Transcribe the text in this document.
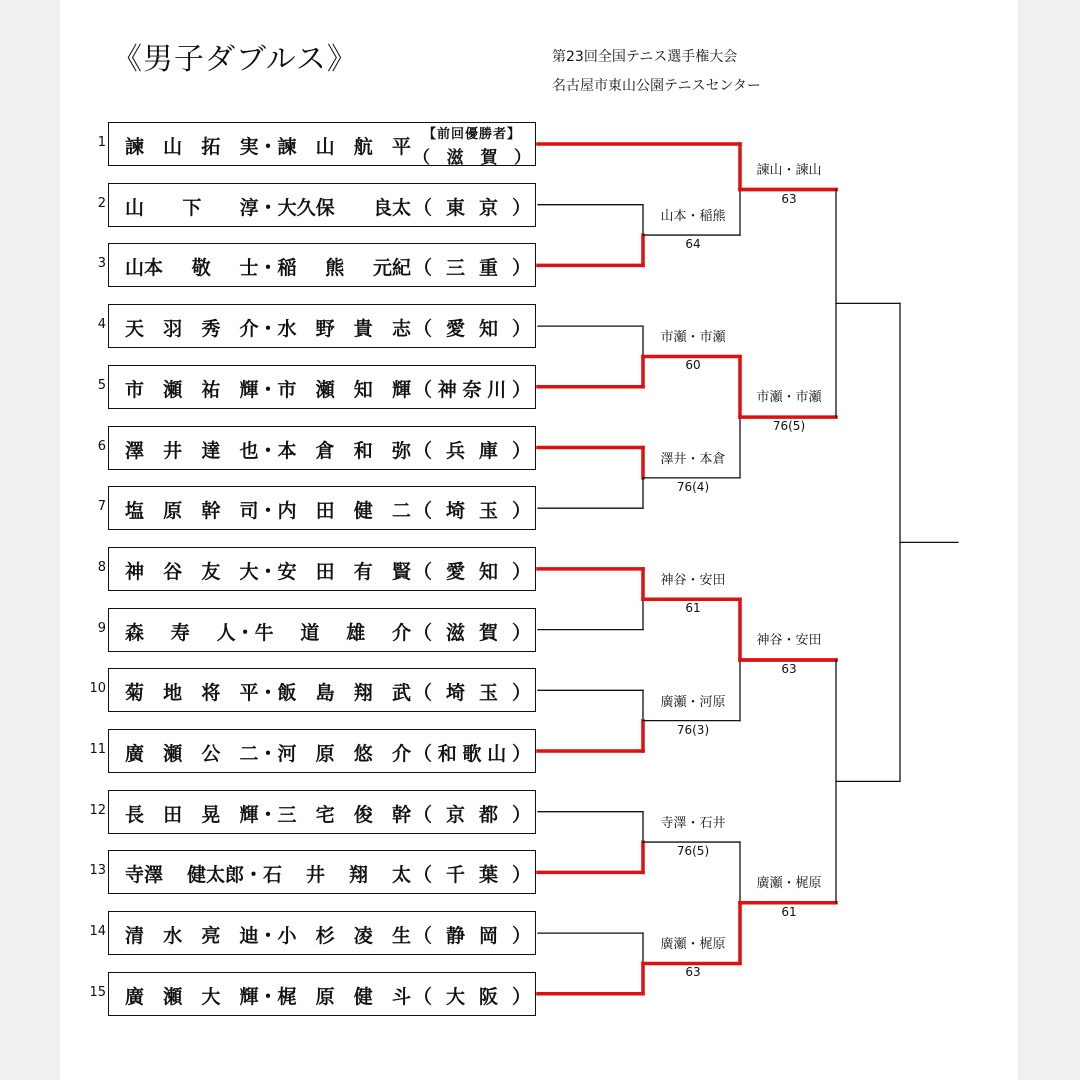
《男子ダブルス》	第23回全国テニス選手権大会
名古屋市東山公園テニスセンター
1 諫 山 拓 実・諫 山 航 平
【前回優勝者】
（ 滋 賀 ）
2 山 下 淳・大久保 良太 （ 東 京 ）
3 山本 敬 士・稲 熊 元紀 （ 三 重 ）
4 天 羽 秀 介・水 野 貴 志 （ 愛 知 ）
5 市 瀬 祐 輝・市 瀬 知 輝 （ 神 奈 川 ）
6 澤 井 達 也・本 倉 和 弥 （ 兵 庫 ）
7 塩 原 幹 司・内 田 健 二 （ 埼 玉 ）
8 神 谷 友 大・安 田 有 賢 （ 愛 知 ）
9 森 寿 人・牛 道 雄 介 （ 滋 賀 ）
10 菊 地 将 平・飯 島 翔 武 （ 埼 玉 ）
11 廣 瀬 公 二・河 原 悠 介 （ 和 歌 山 ）
12 長 田 晃 輝・三 宅 俊 幹 （ 京 都 ）
13 寺澤 健太郎・石 井 翔 太 （ 千 葉 ）
14 清 水 亮 迪・小 杉 凌 生 （ 静 岡 ）
15 廣 瀬 大 輝・梶 原 健 斗 （ 大 阪 ）
山本・稲熊
64
市瀬・市瀬
60
澤井・本倉
76(4)
神谷・安田
61
廣瀬・河原
76(3)
寺澤・石井
76(5)
廣瀬・梶原
63
諫山・諫山
63
市瀬・市瀬
76(5)
神谷・安田
63
廣瀬・梶原
61
